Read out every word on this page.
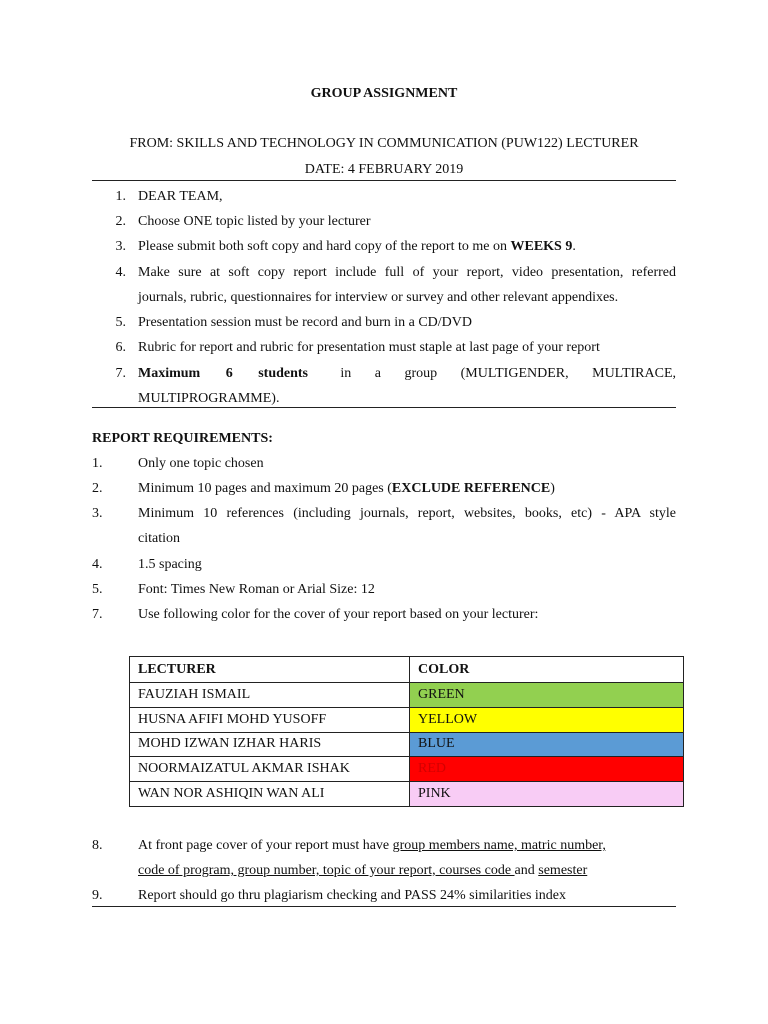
GROUP ASSIGNMENT
FROM: SKILLS AND TECHNOLOGY IN COMMUNICATION (PUW122) LECTURER
DATE: 4 FEBRUARY 2019
1. DEAR TEAM,
2. Choose ONE topic listed by your lecturer
3. Please submit both soft copy and hard copy of the report to me on WEEKS 9.
4. Make sure at soft copy report include full of your report, video presentation, referred
journals, rubric, questionnaires for interview or survey and other relevant appendixes.
5. Presentation session must be record and burn in a CD/DVD
6. Rubric for report and rubric for presentation must staple at last page of your report
7. Maximum 6 students in a group (MULTIGENDER, MULTIRACE,
MULTIPROGRAMME).
REPORT REQUIREMENTS:
1.	Only one topic chosen
2.	Minimum 10 pages and maximum 20 pages (EXCLUDE REFERENCE)
3.	Minimum 10 references (including journals, report, websites, books, etc) - APA style
citation
4.	1.5 spacing
5.	Font: Times New Roman or Arial Size: 12
7.	Use following color for the cover of your report based on your lecturer:
LECTURER	COLOR
FAUZIAH ISMAIL	GREEN
HUSNA AFIFI MOHD YUSOFF	YELLOW
MOHD IZWAN IZHAR HARIS	BLUE
NOORMAIZATUL AKMAR ISHAK	RED
WAN NOR ASHIQIN WAN ALI	PINK
8.	At front page cover of your report must have group members name, matric number,
code of program, group number, topic of your report, courses code and semester
9.	Report should go thru plagiarism checking and PASS 24% similarities index
